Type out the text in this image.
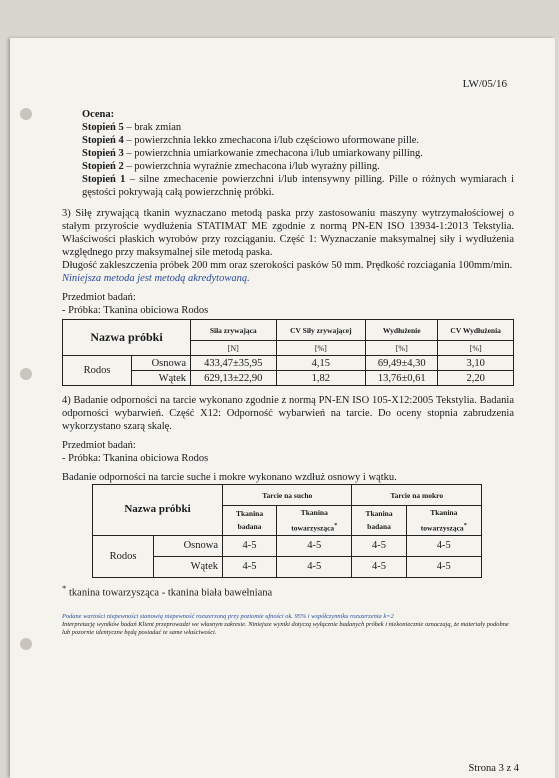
LW/05/16

Ocena:

Stopień 5 – brak zmian

Stopień 4 – powierzchnia lekko zmechacona i/lub częściowo uformowane pille.

Stopień 3 – powierzchnia umiarkowanie zmechacona i/lub umiarkowany pilling.

Stopień 2 – powierzchnia wyraźnie zmechacona i/lub wyraźny pilling.

Stopień 1 – silne zmechacenie powierzchni i/lub intensywny pilling. Pille o różnych wymiarach i gęstości pokrywają całą powierzchnię próbki.

3) Siłę zrywającą tkanin wyznaczano metodą paska przy zastosowaniu maszyny wytrzymałościowej o stałym przyroście wydłużenia STATIMAT ME zgodnie z normą PN-EN ISO 13934-1:2013 Tekstylia. Właściwości płaskich wyrobów przy rozciąganiu. Część 1: Wyznaczanie maksymalnej siły i wydłużenia względnego przy maksymalnej sile metodą paska.

Długość zakleszczenia próbek 200 mm oraz szerokości pasków 50 mm. Prędkość rozciagania 100mm/min.

Niniejsza metoda jest metodą akredytowaną.

Przedmiot badań:

- Próbka: Tkanina obiciowa Rodos

Nazwa próbki		Siła zrywająca	CV Siły zrywającej	Wydłużenie	CV Wydłużenia
		[N]	[%]	[%]	[%]
Rodos	Osnowa	433,47±35,95	4,15	69,49±4,30	3,10
	Wątek	629,13±22,90	1,82	13,76±0,61	2,20

4) Badanie odporności na tarcie wykonano zgodnie z normą PN-EN ISO 105-X12:2005 Tekstylia. Badania odporności wybarwień. Część X12: Odporność wybarwień na tarcie. Do oceny stopnia zabrudzenia wykorzystano szarą skalę.

Przedmiot badań:

- Próbka: Tkanina obiciowa Rodos

Badanie odporności na tarcie suche i mokre wykonano wzdłuż osnowy i wątku.

Nazwa próbki		Tarcie na sucho		Tarcie na mokro	
		Tkanina badana	Tkanina towarzysząca*	Tkanina badana	Tkanina towarzysząca*
Rodos	Osnowa	4-5	4-5	4-5	4-5
	Wątek	4-5	4-5	4-5	4-5

* tkanina towarzysząca - tkanina biała bawełniana

Podane wartości niepewności stanowią niepewność rozszerzoną przy poziomie ufności ok. 95% i współczynniku rozszerzenia k=2

Interpretację wyników badań Klient przeprowadzi we własnym zakresie. Niniejsze wyniki dotyczą wyłącznie badanych próbek i niekoniecznie oznaczają, że materiały podobne lub pozornie identyczne będą posiadać te same właściwości.

Strona 3 z 4
